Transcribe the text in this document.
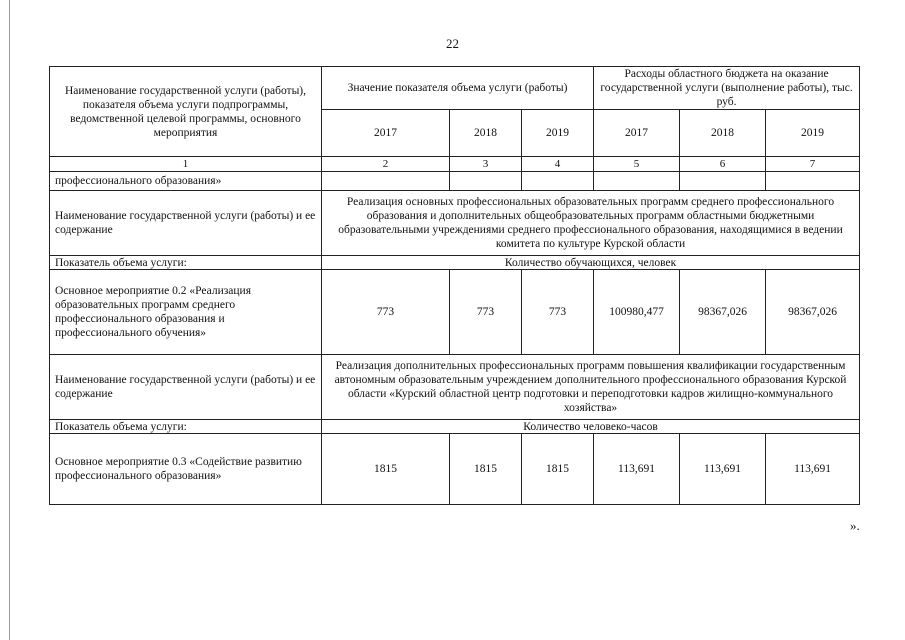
22
Наименование государственной услуги (работы), показателя объема услуги подпрограммы, ведомственной целевой программы, основного мероприятия	Значение показателя объема услуги (работы)			Расходы областного бюджета на оказание государственной услуги (выполнение работы), тыс. руб.		
	2017	2018	2019	2017	2018	2019
1	2	3	4	5	6	7
профессионального образования»						
Наименование государственной услуги (работы) и ее содержание	Реализация основных профессиональных образовательных программ среднего профессионального образования и дополнительных общеобразовательных программ областными бюджетными образовательными учреждениями среднего профессионального образования, находящимися в ведении комитета по культуре Курской области					
Показатель объема услуги:	Количество обучающихся, человек					
Основное мероприятие 0.2 «Реализация образовательных программ среднего профессионального образования и профессионального обучения»	773	773	773	100980,477	98367,026	98367,026
Наименование государственной услуги (работы) и ее содержание	Реализация дополнительных профессиональных программ повышения квалификации государственным автономным образовательным учреждением дополнительного профессионального образования Курской области «Курский областной центр подготовки и переподготовки кадров жилищно-коммунального хозяйства»					
Показатель объема услуги:	Количество человеко-часов					
Основное мероприятие 0.3 «Содействие развитию профессионального образования»	1815	1815	1815	113,691	113,691	113,691
».
